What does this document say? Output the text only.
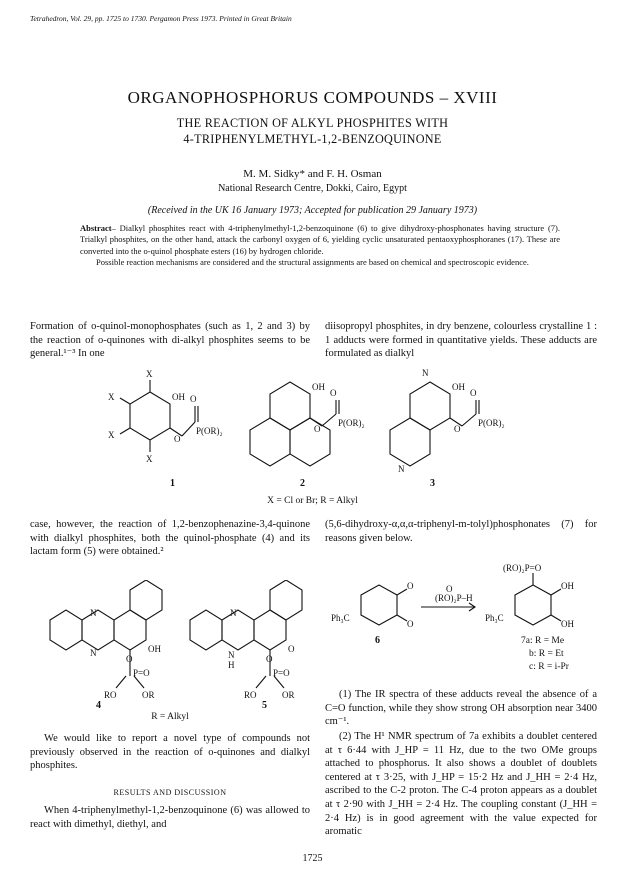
Tetrahedron, Vol. 29, pp. 1725 to 1730. Pergamon Press 1973. Printed in Great Britain
ORGANOPHOSPHORUS COMPOUNDS – XVIII
THE REACTION OF ALKYL PHOSPHITES WITH
4-TRIPHENYLMETHYL-1,2-BENZOQUINONE
M. M. Sidky* and F. H. Osman
National Research Centre, Dokki, Cairo, Egypt
(Received in the UK 16 January 1973; Accepted for publication 29 January 1973)

Abstract– Dialkyl phosphites react with 4-triphenylmethyl-1,2-benzoquinone (6) to give dihydroxy-phosphonates having structure (7). Trialkyl phosphites, on the other hand, attack the carbonyl oxygen of 6, yielding cyclic unsaturated pentaoxyphosphoranes (17). These are converted into the o-quinol phosphate esters (16) by hydrogen chloride.

Possible reaction mechanisms are considered and the structural assignments are based on chemical and spectroscopic evidence.

Formation of o-quinol-monophosphates (such as 1, 2 and 3) by the reaction of o-quinones with di-alkyl phosphites seems to be general.¹⁻³ In one

diisopropyl phosphites, in dry benzene, colourless crystalline 1 : 1 adducts were formed in quantitative yields. These adducts are formulated as dialkyl

X
X
X
X
OH O
O
P(OR)₂
OH
O
O
P(OR)₂
OH
O
O
P(OR)₂
N
N
1	2	3
X = Cl or Br; R = Alkyl

case, however, the reaction of 1,2-benzophenazine-3,4-quinone with dialkyl phosphites, both the quinol-phosphate (4) and its lactam form (5) were obtained.²

(5,6-dihydroxy-α,α,α-triphenyl-m-tolyl)phosphonates (7) for reasons given below.

N
N	OH
O
P=O
RO	OR
N
N
H
O
O
P=O
RO	OR
4	5
O
O
Ph₃C
(RO)₂P–H
O
(RO)₂P=O
OH
OH
Ph₃C
6	7a: R = Me
b: R = Et
c: R = i-Pr
R = Alkyl

We would like to report a novel type of compounds not previously observed in the reaction of o-quinones and dialkyl phosphites.

RESULTS AND DISCUSSION

When 4-triphenylmethyl-1,2-benzoquinone (6) was allowed to react with dimethyl, diethyl, and

(1) The IR spectra of these adducts reveal the absence of a C=O function, while they show strong OH absorption near 3400 cm⁻¹.

(2) The H¹ NMR spectrum of 7a exhibits a doublet centered at τ 6·44 with J_HP = 11 Hz, due to the two OMe groups attached to phosphorus. It also shows a doublet of doublets centered at τ 3·25, with J_HP = 15·2 Hz and J_HH = 2·4 Hz, ascribed to the C-2 proton. The C-4 proton appears as a doublet at τ 2·90 with J_HH = 2·4 Hz. The coupling constant (J_HH = 2·4 Hz) is in good agreement with the value expected for aromatic

1725
